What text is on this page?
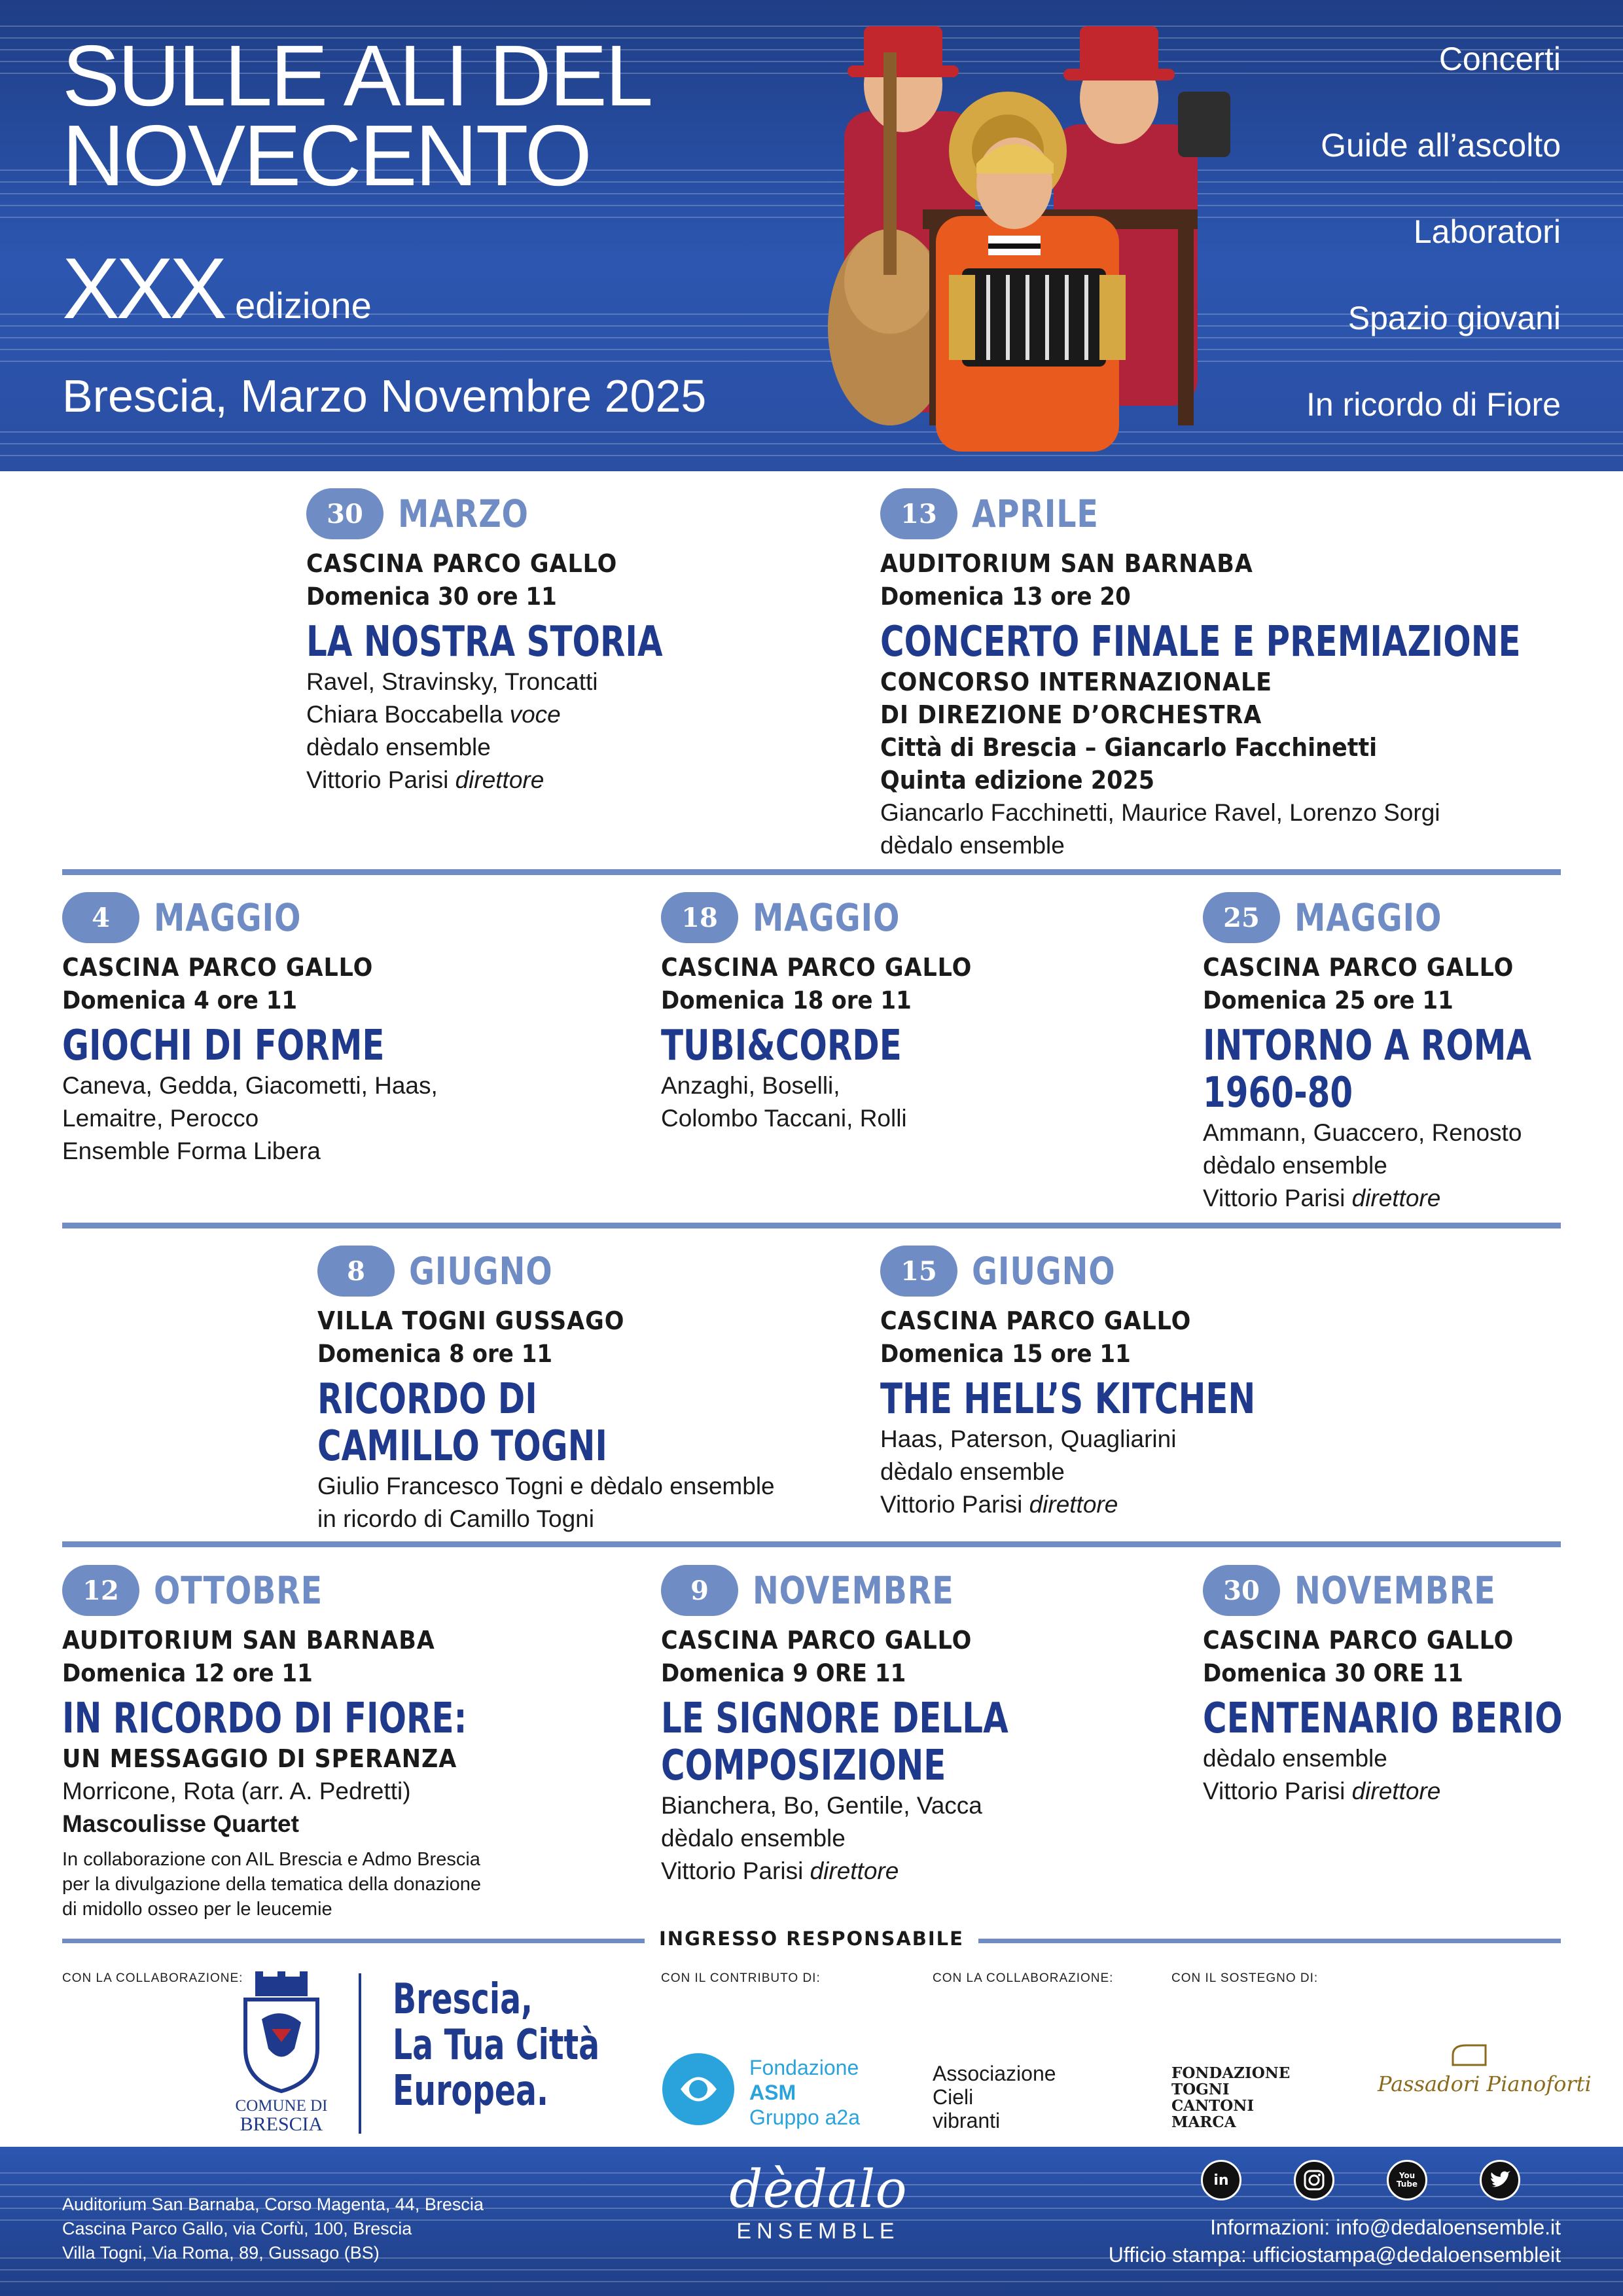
SULLE ALI DEL
NOVECENTO
XXX edizione
Brescia, Marzo Novembre 2025
Concerti
Guide all’ascolto
Laboratori
Spazio giovani
In ricordo di Fiore
30 MARZO
CASCINA PARCO GALLO
Domenica 30 ore 11
LA NOSTRA STORIA
Ravel, Stravinsky, Troncatti
Chiara Boccabella voce
dèdalo ensemble
Vittorio Parisi direttore
13 APRILE
AUDITORIUM SAN BARNABA
Domenica 13 ore 20
CONCERTO FINALE E PREMIAZIONE
CONCORSO INTERNAZIONALE
DI DIREZIONE D’ORCHESTRA
Città di Brescia – Giancarlo Facchinetti
Quinta edizione 2025
Giancarlo Facchinetti, Maurice Ravel, Lorenzo Sorgi
dèdalo ensemble
4	MAGGIO
CASCINA PARCO GALLO
Domenica 4 ore 11
GIOCHI DI FORME
Caneva, Gedda, Giacometti, Haas,
Lemaitre, Perocco
Ensemble Forma Libera
18 MAGGIO
CASCINA PARCO GALLO
Domenica 18 ore 11
TUBI&CORDE
Anzaghi, Boselli,
Colombo Taccani, Rolli
25 MAGGIO
CASCINA PARCO GALLO
Domenica 25 ore 11
INTORNO A ROMA
1960-80
Ammann, Guaccero, Renosto
dèdalo ensemble
Vittorio Parisi direttore
8	GIUGNO
VILLA TOGNI GUSSAGO
Domenica 8 ore 11
RICORDO DI
CAMILLO TOGNI
Giulio Francesco Togni e dèdalo ensemble
in ricordo di Camillo Togni
15 GIUGNO
CASCINA PARCO GALLO
Domenica 15 ore 11
THE HELL’S KITCHEN
Haas, Paterson, Quagliarini
dèdalo ensemble
Vittorio Parisi direttore
12 OTTOBRE
AUDITORIUM SAN BARNABA
Domenica 12 ore 11
IN RICORDO DI FIORE:
UN MESSAGGIO DI SPERANZA
Morricone, Rota (arr. A. Pedretti)
Mascoulisse Quartet
In collaborazione con AIL Brescia e Admo Brescia
per la divulgazione della tematica della donazione
di midollo osseo per le leucemie
9	NOVEMBRE
CASCINA PARCO GALLO
Domenica 9 ORE 11
LE SIGNORE DELLA
COMPOSIZIONE
Bianchera, Bo, Gentile, Vacca
dèdalo ensemble
Vittorio Parisi direttore
30 NOVEMBRE
CASCINA PARCO GALLO
Domenica 30 ORE 11
CENTENARIO BERIO
dèdalo ensemble
Vittorio Parisi direttore
INGRESSO RESPONSABILE
CON LA COLLABORAZIONE:	CON IL CONTRIBUTO DI:	CON LA COLLABORAZIONE:	CON IL SOSTEGNO DI:
COMUNE DI
BRESCIA
Brescia,
La Tua Città
Europea.	Fondazione
ASM
Gruppo a2a
Associazione
Cieli
vibranti
FONDAZIONE
TOGNI
CANTONI
MARCA
Passadori Pianoforti
Auditorium San Barnaba, Corso Magenta, 44, Brescia
Cascina Parco Gallo, via Corfù, 100, Brescia
Villa Togni, Via Roma, 89, Gussago (BS)
dèdalo
ENSEMBLE
in	You Tube
Informazioni: info@dedaloensemble.it
Ufficio stampa: ufficiostampa@dedaloensembleit
